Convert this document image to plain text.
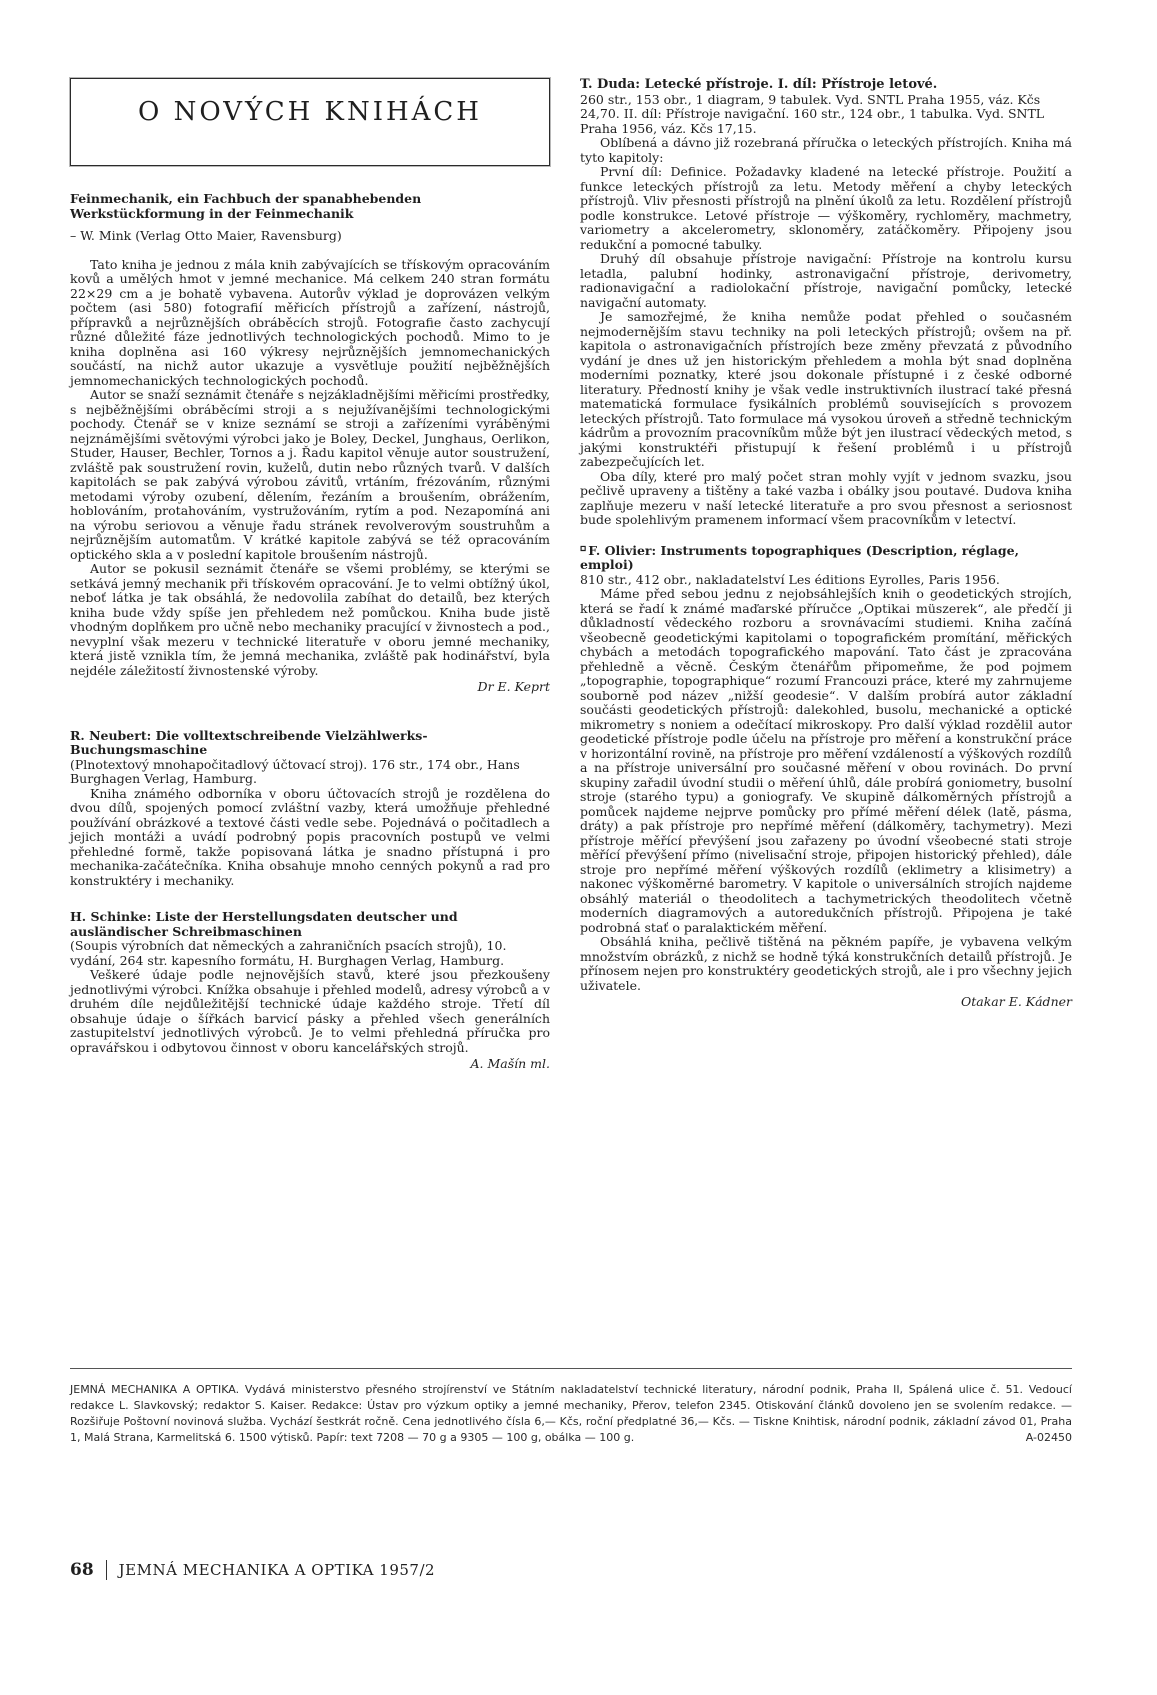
O NOVÝCH KNIHÁCH

Feinmechanik, ein Fachbuch der spanabhebenden Werkstückformung in der Feinmechanik

– W. Mink (Verlag Otto Maier, Ravensburg)

Tato kniha je jednou z mála knih zabývajících se třískovým opracováním kovů a umělých hmot v jemné mechanice. Má celkem 240 stran formátu 22×29 cm a je bohatě vybavena. Autorův výklad je doprovázen velkým počtem (asi 580) fotografií měřicích přístrojů a zařízení, nástrojů, přípravků a nejrůznějších obráběcích strojů. Fotografie často zachycují různé důležité fáze jednotlivých technologických pochodů. Mimo to je kniha doplněna asi 160 výkresy nejrůznějších jemnomechanických součástí, na nichž autor ukazuje a vysvětluje použití nejběžnějších jemnomechanických technologických pochodů.

Autor se snaží seznámit čtenáře s nejzákladnějšími měřicími prostředky, s nejběžnějšími obráběcími stroji a s nejužívanějšími technologickými pochody. Čtenář se v knize seznámí se stroji a zařízeními vyráběnými nejznámějšími světovými výrobci jako je Boley, Deckel, Junghaus, Oerlikon, Studer, Hauser, Bechler, Tornos a j. Řadu kapitol věnuje autor soustružení, zvláště pak soustružení rovin, kuželů, dutin nebo různých tvarů. V dalších kapitolách se pak zabývá výrobou závitů, vrtáním, frézováním, různými metodami výroby ozubení, dělením, řezáním a broušením, obrážením, hoblováním, protahováním, vystružováním, rytím a pod. Nezapomíná ani na výrobu seriovou a věnuje řadu stránek revolverovým soustruhům a nejrůznějším automatům. V krátké kapitole zabývá se též opracováním optického skla a v poslední kapitole broušením nástrojů.

Autor se pokusil seznámit čtenáře se všemi problémy, se kterými se setkává jemný mechanik při třískovém opracování. Je to velmi obtížný úkol, neboť látka je tak obsáhlá, že nedovolila zabíhat do detailů, bez kterých kniha bude vždy spíše jen přehledem než pomůckou. Kniha bude jistě vhodným doplňkem pro učně nebo mechaniky pracující v živnostech a pod., nevyplní však mezeru v technické literatuře v oboru jemné mechaniky, která jistě vznikla tím, že jemná mechanika, zvláště pak hodinářství, byla nejdéle záležitostí živnostenské výroby.

Dr E. Keprt

R. Neubert: Die volltextschreibende Vielzählwerks-Buchungsmaschine

(Plnotextový mnohapočitadlový účtovací stroj). 176 str., 174 obr., Hans Burghagen Verlag, Hamburg.

Kniha známého odborníka v oboru účtovacích strojů je rozdělena do dvou dílů, spojených pomocí zvláštní vazby, která umožňuje přehledné používání obrázkové a textové části vedle sebe. Pojednává o počitadlech a jejich montáži a uvádí podrobný popis pracovních postupů ve velmi přehledné formě, takže popisovaná látka je snadno přístupná i pro mechanika-začátečníka. Kniha obsahuje mnoho cenných pokynů a rad pro konstruktéry i mechaniky.

H. Schinke: Liste der Herstellungsdaten deutscher und ausländischer Schreibmaschinen

(Soupis výrobních dat německých a zahraničních psacích strojů), 10. vydání, 264 str. kapesního formátu, H. Burghagen Verlag, Hamburg.

Veškeré údaje podle nejnovějších stavů, které jsou přezkoušeny jednotlivými výrobci. Knížka obsahuje i přehled modelů, adresy výrobců a v druhém díle nejdůležitější technické údaje každého stroje. Třetí díl obsahuje údaje o šířkách barvicí pásky a přehled všech generálních zastupitelství jednotlivých výrobců. Je to velmi přehledná příručka pro opravářskou i odbytovou činnost v oboru kancelářských strojů.

A. Mašín ml.

T. Duda: Letecké přístroje. I. díl: Přístroje letové.

260 str., 153 obr., 1 diagram, 9 tabulek. Vyd. SNTL Praha 1955, váz. Kčs 24,70. II. díl: Přístroje navigační. 160 str., 124 obr., 1 tabulka. Vyd. SNTL Praha 1956, váz. Kčs 17,15.

Oblíbená a dávno již rozebraná příručka o leteckých přístrojích. Kniha má tyto kapitoly:

První díl: Definice. Požadavky kladené na letecké přístroje. Použití a funkce leteckých přístrojů za letu. Metody měření a chyby leteckých přístrojů. Vliv přesnosti přístrojů na plnění úkolů za letu. Rozdělení přístrojů podle konstrukce. Letové přístroje — výškoměry, rychloměry, machmetry, variometry a akcelerometry, sklonoměry, zatáčkoměry. Připojeny jsou redukční a pomocné tabulky.

Druhý díl obsahuje přístroje navigační: Přístroje na kontrolu kursu letadla, palubní hodinky, astronavigační přístroje, derivometry, radionavigační a radiolokační přístroje, navigační pomůcky, letecké navigační automaty.

Je samozřejmé, že kniha nemůže podat přehled o současném nejmodernějším stavu techniky na poli leteckých přístrojů; ovšem na př. kapitola o astronavigačních přístrojích beze změny převzatá z původního vydání je dnes už jen historickým přehledem a mohla být snad doplněna moderními poznatky, které jsou dokonale přístupné i z české odborné literatury. Předností knihy je však vedle instruktivních ilustrací také přesná matematická formulace fysikálních problémů souvisejících s provozem leteckých přístrojů. Tato formulace má vysokou úroveň a středně technickým kádrům a provozním pracovníkům může být jen ilustrací vědeckých metod, s jakými konstruktéři přistupují k řešení problémů i u přístrojů zabezpečujících let.

Oba díly, které pro malý počet stran mohly vyjít v jednom svazku, jsou pečlivě upraveny a tištěny a také vazba i obálky jsou poutavé. Dudova kniha zaplňuje mezeru v naší letecké literatuře a pro svou přesnost a seriosnost bude spolehlivým pramenem informací všem pracovníkům v letectví.

⸋ F. Olivier: Instruments topographiques (Description, réglage, emploi)

810 str., 412 obr., nakladatelství Les éditions Eyrolles, Paris 1956.

Máme před sebou jednu z nejobsáhlejších knih o geodetických strojích, která se řadí k známé maďarské příručce „Optikai müszerek“, ale předčí ji důkladností vědeckého rozboru a srovnávacími studiemi. Kniha začíná všeobecně geodetickými kapitolami o topografickém promítání, měřických chybách a metodách topografického mapování. Tato část je zpracována přehledně a věcně. Českým čtenářům připomeňme, že pod pojmem „topographie, topographique“ rozumí Francouzi práce, které my zahrnujeme souborně pod název „nižší geodesie“. V dalším probírá autor základní součásti geodetických přístrojů: dalekohled, busolu, mechanické a optické mikrometry s noniem a odečítací mikroskopy. Pro další výklad rozdělil autor geodetické přístroje podle účelu na přístroje pro měření a konstrukční práce v horizontální rovině, na přístroje pro měření vzdáleností a výškových rozdílů a na přístroje universální pro současné měření v obou rovinách. Do první skupiny zařadil úvodní studii o měření úhlů, dále probírá goniometry, busolní stroje (starého typu) a goniografy. Ve skupině dálkoměrných přístrojů a pomůcek najdeme nejprve pomůcky pro přímé měření délek (latě, pásma, dráty) a pak přístroje pro nepřímé měření (dálkoměry, tachymetry). Mezi přístroje měřící převýšení jsou zařazeny po úvodní všeobecné stati stroje měřící převýšení přímo (nivelisační stroje, připojen historický přehled), dále stroje pro nepřímé měření výškových rozdílů (eklimetry a klisimetry) a nakonec výškoměrné barometry. V kapitole o universálních strojích najdeme obsáhlý materiál o theodolitech a tachymetrických theodolitech včetně moderních diagramových a autoredukčních přístrojů. Připojena je také podrobná stať o paralaktickém měření.

Obsáhlá kniha, pečlivě tištěná na pěkném papíře, je vybavena velkým množstvím obrázků, z nichž se hodně týká konstrukčních detailů přístrojů. Je přínosem nejen pro konstruktéry geodetických strojů, ale i pro všechny jejich uživatele.

Otakar E. Kádner

JEMNÁ MECHANIKA A OPTIKA. Vydává ministerstvo přesného strojírenství ve Státním nakladatelství technické literatury, národní podnik, Praha II, Spálená ulice č. 51. Vedoucí redakce L. Slavkovský; redaktor S. Kaiser. Redakce: Ústav pro výzkum optiky a jemné mechaniky, Přerov, telefon 2345. Otiskování článků dovoleno jen se svolením redakce. — Rozšiřuje Poštovní novinová služba. Vychází šestkrát ročně. Cena jednotlivého čísla 6,— Kčs, roční předplatné 36,— Kčs. — Tiskne Knihtisk, národní podnik, základní závod 01, Praha 1, Malá Strana, Karmelitská 6. 1500 výtisků. Papír: text 7208 — 70 g a 9305 — 100 g, obálka — 100 g.	A-02450
68 JEMNÁ MECHANIKA A OPTIKA 1957/2
